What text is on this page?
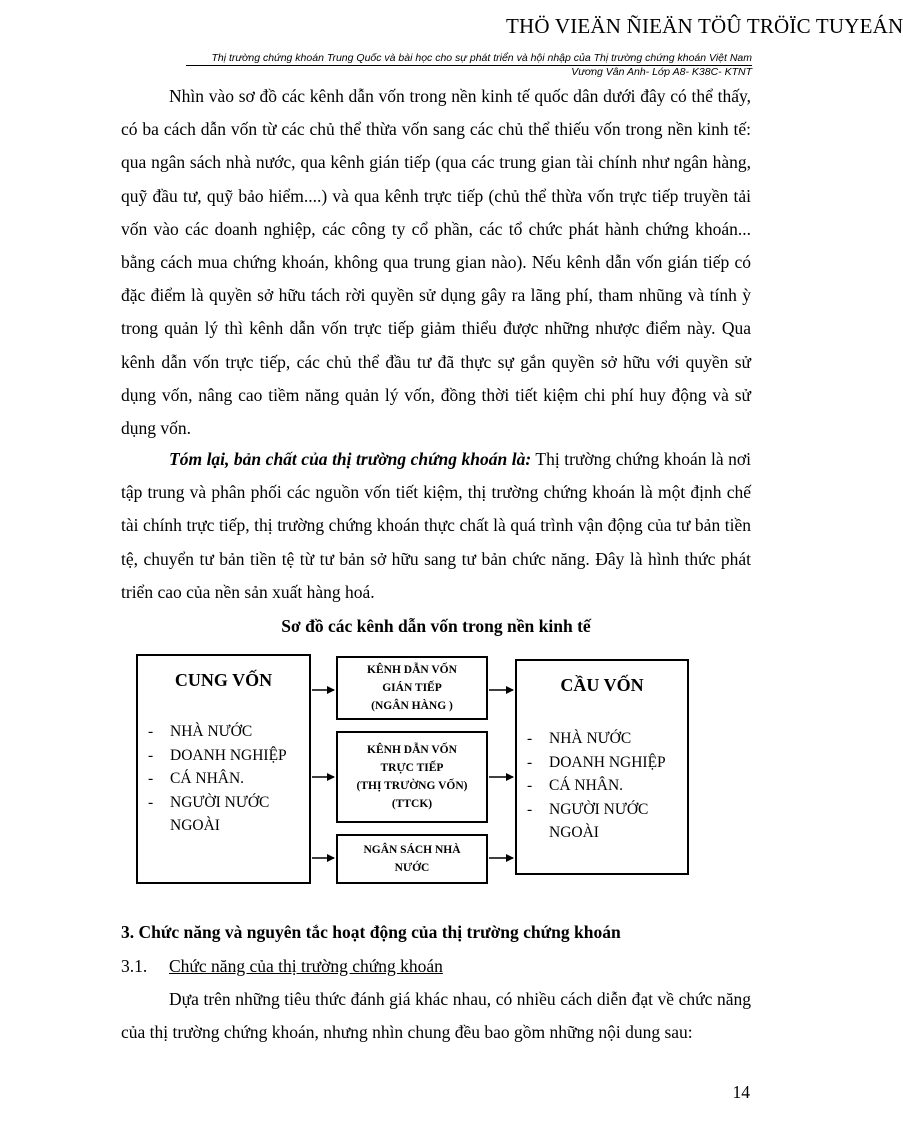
THÖ VIEÄN ÑIEÄN TÖÛ TRÖÏC TUYEÁN
Thị trường chứng khoán Trung Quốc và bài học cho sự phát triển và hội nhập của Thị trường chứng khoán Việt Nam
Vương Vân Anh- Lớp A8- K38C- KTNT

Nhìn vào sơ đồ các kênh dẫn vốn trong nền kinh tế quốc dân dưới đây có thể thấy, có ba cách dẫn vốn từ các chủ thể thừa vốn sang các chủ thể thiếu vốn trong nền kinh tế: qua ngân sách nhà nước, qua kênh gián tiếp (qua các trung gian tài chính như ngân hàng, quỹ đầu tư, quỹ bảo hiểm....) và qua kênh trực tiếp (chủ thể thừa vốn trực tiếp truyền tải vốn vào các doanh nghiệp, các công ty cổ phần, các tổ chức phát hành chứng khoán... bằng cách mua chứng khoán, không qua trung gian nào). Nếu kênh dẫn vốn gián tiếp có đặc điểm là quyền sở hữu tách rời quyền sử dụng gây ra lãng phí, tham nhũng và tính ỳ trong quản lý thì kênh dẫn vốn trực tiếp giảm thiểu được những nhược điểm này. Qua kênh dẫn vốn trực tiếp, các chủ thể đầu tư đã thực sự gắn quyền sở hữu với quyền sử dụng vốn, nâng cao tiềm năng quản lý vốn, đồng thời tiết kiệm chi phí huy động và sử dụng vốn.

Tóm lại, bản chất của thị trường chứng khoán là: Thị trường chứng khoán là nơi tập trung và phân phối các nguồn vốn tiết kiệm, thị trường chứng khoán là một định chế tài chính trực tiếp, thị trường chứng khoán thực chất là quá trình vận động của tư bản tiền tệ, chuyển tư bản tiền tệ từ tư bản sở hữu sang tư bản chức năng. Đây là hình thức phát triển cao của nền sản xuất hàng hoá.

Sơ đồ các kênh dẫn vốn trong nền kinh tế
CUNG VỐN
- NHÀ NƯỚC
- DOANH NGHIỆP
- CÁ NHÂN.
- NGƯỜI NƯỚC NGOÀI
KÊNH DẪN VỐN
GIÁN TIẾP
(NGÂN HÀNG )
KÊNH DẪN VỐN
TRỰC TIẾP
(THỊ TRƯỜNG VỐN)
(TTCK)
NGÂN SÁCH NHÀ
NƯỚC
CẦU VỐN
- NHÀ NƯỚC
- DOANH NGHIỆP
- CÁ NHÂN.
- NGƯỜI NƯỚC NGOÀI
3. Chức năng và nguyên tắc hoạt động của thị trường chứng khoán
3.1. Chức năng của thị trường chứng khoán

Dựa trên những tiêu thức đánh giá khác nhau, có nhiều cách diễn đạt về chức năng của thị trường chứng khoán, nhưng nhìn chung đều bao gồm những nội dung sau:

14
